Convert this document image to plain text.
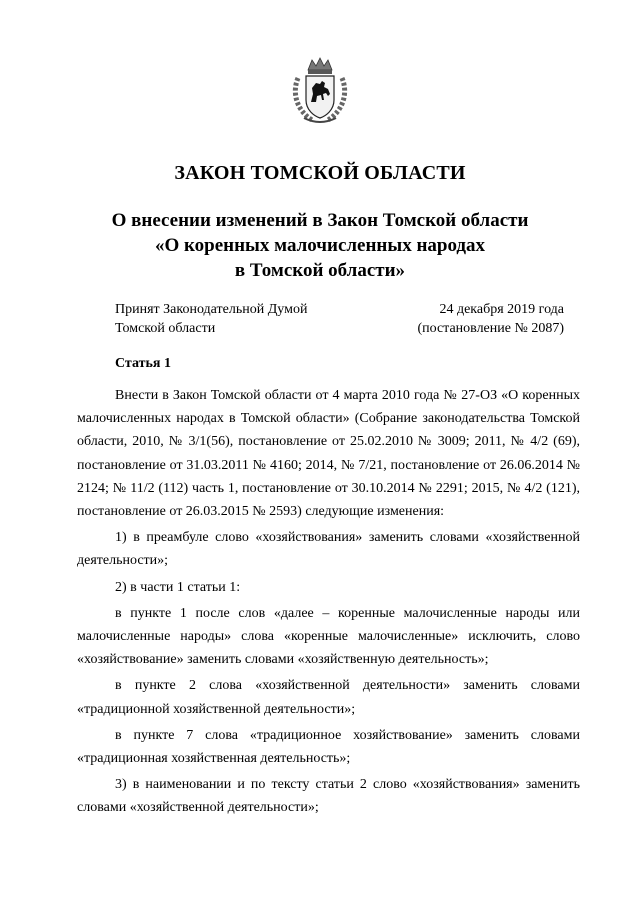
ЗАКОН ТОМСКОЙ ОБЛАСТИ
О внесении изменений в Закон Томской области
«О коренных малочисленных народах
в Томской области»
Принят Законодательной Думой
Томской области
24 декабря 2019 года
(постановление № 2087)
Статья 1

Внести в Закон Томской области от 4 марта 2010 года № 27-ОЗ «О коренных малочисленных народах в Томской области» (Собрание законодательства Томской области, 2010, № 3/1(56), постановление от 25.02.2010 № 3009; 2011, № 4/2 (69), постановление от 31.03.2011 № 4160; 2014, № 7/21, постановление от 26.06.2014 № 2124; № 11/2 (112) часть 1, постановление от 30.10.2014 № 2291; 2015, № 4/2 (121), постановление от 26.03.2015 № 2593) следующие изменения:

1) в преамбуле слово «хозяйствования» заменить словами «хозяйственной деятельности»;

2) в части 1 статьи 1:

в пункте 1 после слов «далее – коренные малочисленные народы или малочисленные народы» слова «коренные малочисленные» исключить, слово «хозяйствование» заменить словами «хозяйственную деятельность»;

в пункте 2 слова «хозяйственной деятельности» заменить словами «традиционной хозяйственной деятельности»;

в пункте 7 слова «традиционное хозяйствование» заменить словами «традиционная хозяйственная деятельность»;

3) в наименовании и по тексту статьи 2 слово «хозяйствования» заменить словами «хозяйственной деятельности»;
